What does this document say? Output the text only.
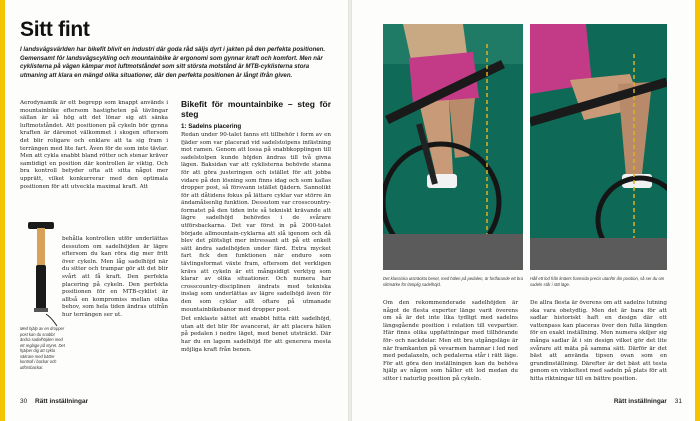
Sitt fint
I landsvägsvärlden har bikefit blivit en industri där goda råd säljs dyrt i jakten på den perfekta positionen. Gemensamt för landsvägscykling och mountainbike är ergonomi som gynnar kraft och komfort. Men när cyklisterna på vägen kämpar mot luftmotståndet som sitt största motstånd är MTB-cyklisterna stora utmaning att klara en mängd olika situationer, där den perfekta positionen är långt ifrån given.

Aerodynamik är ett begrepp som knappt används i mountainbike eftersom hastigheten på tävlingar sällan är så hög att det lönar sig att sänka luftmotståndet. Att positionen på cykeln bör gynna kraften är däremot välkommet i skogen eftersom det blir roligare och enklare att ta sig fram i terrängen med lite fart. Även för de som inte tävlar. Men att cykla snabbt bland rötter och stenar kräver samtidigt en position där kontrollen är viktig. Och bra kontroll betyder ofta att sitta något mer upprätt, vilket konkurrerar med den optimala positionen för att utveckla maximal kraft. Att

behålla kontrollen utför underlättas dessutom om sadelhöjden är lägre eftersom du kan röra dig mer fritt över cykeln. Men låg sadelhöjd när du sitter och trampar gör att det blir svårt att få kraft. Den perfekta placering på cykeln. Den perfekta positionen för en MTB-cyklist är alltså en kompromiss mellan olika behov, som hela tiden ändras utifrån hur terrängen ser ut.

Med hjälp av en dropper post kan du snabbt ändra sadelhöjden med ett reglage på styret. Det hjälper dig att cykla säkrare med bättre kontroll i backar och utförsbackar.
Bikefit för mountainbike – steg för steg
1: Sadelns placering

Redan under 90-talet fanns ett tillbehör i form av en fjäder som var placerad vid sadelstolpens infästning mot ramen. Genom att lossa på snabbkopplingen till sadelstolpen kunde höjden ändras till två givna lägen. Baksidan var att cyklisterna behövde stanna för att göra justeringen och istället för att jobba vidare på den lösning som finns idag och som kallas dropper post, så försvann istället fjädern. Sannolikt för att dåtidens fokus på lättare cyklar var större än ändamålsenlig funktion. Dessutom var crosscountry-formatet på den tiden inte så tekniskt krävande att lägre sadelhöjd behövdes i de svårare utförsbackarna. Det var först in på 2000-talet började allmountain-cyklarna att slå igenom och då blev det plötsligt mer intressant att på ett enkelt sätt ändra sadelhöjden under färd. Extra mycket fart fick den funktionen när enduro som tävlingsformat växte fram, eftersom det verkligen krävs att cykeln är ett mångsidigt verktyg som klarar av olika situationer. Och numera har crosscountry-disciplinen ändrats med tekniska inslag som underlättas av lägre sadelhöjd även för den som cyklar allt oftare på utmanade mountainbikebanor med dropper post.

Det enklaste sättet att snabbt hitta rätt sadelhöjd, utan att det blir för avancerat, är att placera hälen på pedalen i nedre läget, med benet utsträckt. Där har du en lagom sadelhöjd för att generera mesta möjliga kraft från benen.

30 Rätt inställningar
Det klassiska utsträckta benet, med hälen på pedalen, är fortfarande ett bra riktmärke för lämplig sadelhöjd.
Håll ett lod från knäets framsida precis utanför din position, så ser du om sadeln står i rätt läge.

Om den rekommenderade sadelhöjden är något de flesta experter länge varit överens om så är det inte lika tydligt med sadelns längsgående position i relation till vevpartier. Här finns olika uppfattningar med tillhörande för- och nackdelar. Men ett bra utgångsläge är när framkanten på vevarmen hamnar i led ned med pedalaxeln, och pedalerna står i rätt läge. För att göra den inställningen kan du behöva hjälp av någon som håller ett lod medan du sitter i naturlig position på cykeln.

De allra flesta är överens om att sadelns lutning ska vara obetydlig. Men det är bara för att sadlar historiskt haft en design där ett vattenpass kan placeras över den fulla längden för en exakt inställning. Men numera skiljer sig många sadlar åt i sin design vilket gör det lite svårare att mäta på samma sätt. Därför är det bäst att använda tipsen ovan som en grundinställning. Därefter är det bäst att testa genom en vinkeltest med sadeln på plats för att hitta riktningar till en bättre position.

Rätt inställningar 31
